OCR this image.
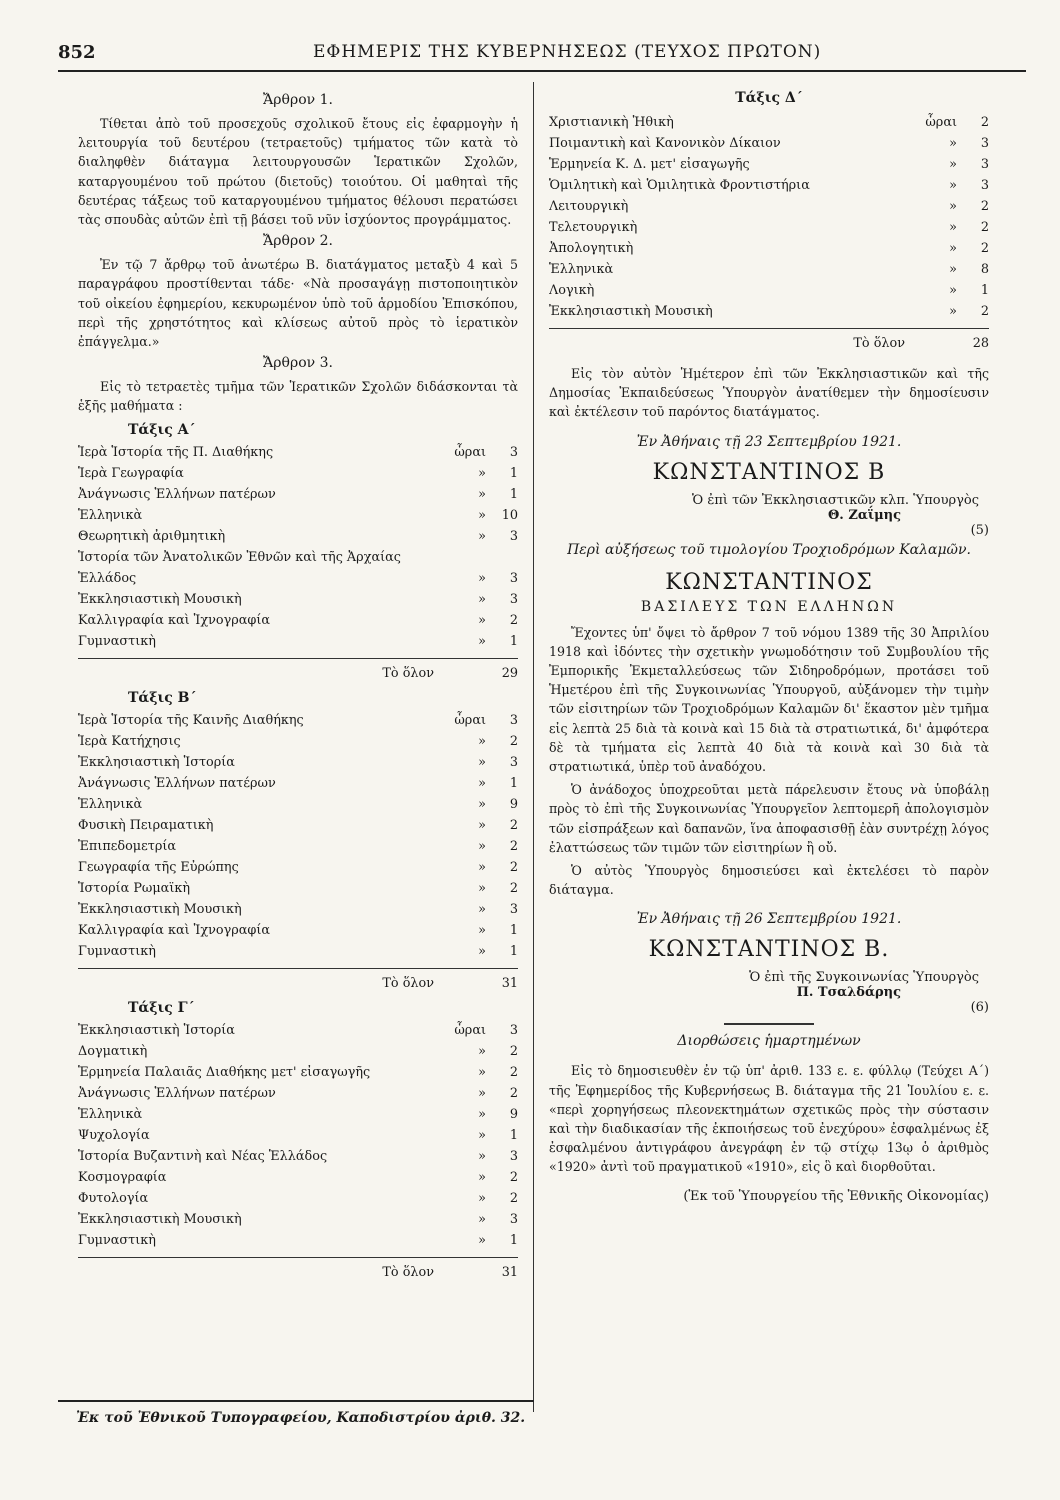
852	ΕΦΗΜΕΡΙΣ ΤΗΣ ΚΥΒΕΡΝΗΣΕΩΣ (ΤΕΥΧΟΣ ΠΡΩΤΟΝ)
Ἄρθρον 1.

Τίθεται ἀπὸ τοῦ προσεχοῦς σχολικοῦ ἔτους εἰς ἐφαρμογὴν ἡ λειτουργία τοῦ δευτέρου (τετραετοῦς) τμήματος τῶν κατὰ τὸ διαληφθὲν διάταγμα λειτουργουσῶν Ἱερατικῶν Σχολῶν, καταργουμένου τοῦ πρώτου (διετοῦς) τοιούτου. Οἱ μαθηταὶ τῆς δευτέρας τάξεως τοῦ καταργουμένου τμήματος θέλουσι περατώσει τὰς σπουδὰς αὐτῶν ἐπὶ τῇ βάσει τοῦ νῦν ἰσχύοντος προγράμματος.

Ἄρθρον 2.

Ἐν τῷ 7 ἄρθρῳ τοῦ ἀνωτέρω Β. διατάγματος μεταξὺ 4 καὶ 5 παραγράφου προστίθενται τάδε· «Νὰ προσαγάγῃ πιστοποιητικὸν τοῦ οἰκείου ἐφημερίου, κεκυρωμένον ὑπὸ τοῦ ἁρμοδίου Ἐπισκόπου, περὶ τῆς χρηστότητος καὶ κλίσεως αὐτοῦ πρὸς τὸ ἱερατικὸν ἐπάγγελμα.»

Ἄρθρον 3.

Εἰς τὸ τετραετὲς τμῆμα τῶν Ἱερατικῶν Σχολῶν διδάσκονται τὰ ἑξῆς μαθήματα :

Τάξις Α΄
Ἱερὰ Ἱστορία τῆς Π. Διαθήκης	ὧραι	3
Ἱερὰ Γεωγραφία	»	1
Ἀνάγνωσις Ἑλλήνων πατέρων	»	1
Ἑλληνικὰ	»	10
Θεωρητικὴ ἀριθμητικὴ	»	3
Ἱστορία τῶν Ἀνατολικῶν Ἐθνῶν καὶ τῆς Ἀρχαίας
Ἑλλάδος	»	3
Ἐκκλησιαστικὴ Μουσικὴ	»	3
Καλλιγραφία καὶ Ἰχνογραφία	»	2
Γυμναστικὴ	»	1
Τὸ ὅλον	29
Τάξις Β΄
Ἱερὰ Ἱστορία τῆς Καινῆς Διαθήκης	ὧραι	3
Ἱερὰ Κατήχησις	»	2
Ἐκκλησιαστικὴ Ἱστορία	»	3
Ἀνάγνωσις Ἑλλήνων πατέρων	»	1
Ἑλληνικὰ	»	9
Φυσικὴ Πειραματικὴ	»	2
Ἐπιπεδομετρία	»	2
Γεωγραφία τῆς Εὐρώπης	»	2
Ἱστορία Ρωμαϊκὴ	»	2
Ἐκκλησιαστικὴ Μουσικὴ	»	3
Καλλιγραφία καὶ Ἰχνογραφία	»	1
Γυμναστικὴ	»	1
Τὸ ὅλον	31
Τάξις Γ΄
Ἐκκλησιαστικὴ Ἱστορία	ὧραι	3
Δογματικὴ	»	2
Ἑρμηνεία Παλαιᾶς Διαθήκης μετ' εἰσαγωγῆς	»	2
Ἀνάγνωσις Ἑλλήνων πατέρων	»	2
Ἑλληνικὰ	»	9
Ψυχολογία	»	1
Ἱστορία Βυζαντινὴ καὶ Νέας Ἑλλάδος	»	3
Κοσμογραφία	»	2
Φυτολογία	»	2
Ἐκκλησιαστικὴ Μουσικὴ	»	3
Γυμναστικὴ	»	1
Τὸ ὅλον	31
Τάξις Δ΄
Χριστιανικὴ Ἠθικὴ	ὧραι	2
Ποιμαντικὴ καὶ Κανονικὸν Δίκαιον	»	3
Ἑρμηνεία Κ. Δ. μετ' εἰσαγωγῆς	»	3
Ὁμιλητικὴ καὶ Ὁμιλητικὰ Φροντιστήρια	»	3
Λειτουργικὴ	»	2
Τελετουργικὴ	»	2
Ἀπολογητικὴ	»	2
Ἑλληνικὰ	»	8
Λογικὴ	»	1
Ἐκκλησιαστικὴ Μουσικὴ	»	2
Τὸ ὅλον	28

Εἰς τὸν αὐτὸν Ἡμέτερον ἐπὶ τῶν Ἐκκλησιαστικῶν καὶ τῆς Δημοσίας Ἐκπαιδεύσεως Ὑπουργὸν ἀνατίθεμεν τὴν δημοσίευσιν καὶ ἐκτέλεσιν τοῦ παρόντος διατάγματος.

Ἐν Ἀθήναις τῇ 23 Σεπτεμβρίου 1921.
ΚΩΝΣΤΑΝΤΙΝΟΣ Β
Ὁ ἐπὶ τῶν Ἐκκλησιαστικῶν κλπ. Ὑπουργὸς
Θ. Ζαΐμης
(5)
Περὶ αὐξήσεως τοῦ τιμολογίου Τροχιοδρόμων Καλαμῶν.
ΚΩΝΣΤΑΝΤΙΝΟΣ
ΒΑΣΙΛΕΥΣ ΤΩΝ ΕΛΛΗΝΩΝ

Ἔχοντες ὑπ' ὄψει τὸ ἄρθρον 7 τοῦ νόμου 1389 τῆς 30 Ἀπριλίου 1918 καὶ ἰδόντες τὴν σχετικὴν γνωμοδότησιν τοῦ Συμβουλίου τῆς Ἐμπορικῆς Ἐκμεταλλεύσεως τῶν Σιδηροδρόμων, προτάσει τοῦ Ἡμετέρου ἐπὶ τῆς Συγκοινωνίας Ὑπουργοῦ, αὐξάνομεν τὴν τιμὴν τῶν εἰσιτηρίων τῶν Τροχιοδρόμων Καλαμῶν δι' ἕκαστον μὲν τμῆμα εἰς λεπτὰ 25 διὰ τὰ κοινὰ καὶ 15 διὰ τὰ στρατιωτικά, δι' ἀμφότερα δὲ τὰ τμήματα εἰς λεπτὰ 40 διὰ τὰ κοινὰ καὶ 30 διὰ τὰ στρατιωτικά, ὑπὲρ τοῦ ἀναδόχου.

Ὁ ἀνάδοχος ὑποχρεοῦται μετὰ πάρελευσιν ἔτους νὰ ὑποβάλῃ πρὸς τὸ ἐπὶ τῆς Συγκοινωνίας Ὑπουργεῖον λεπτομερῆ ἀπολογισμὸν τῶν εἰσπράξεων καὶ δαπανῶν, ἵνα ἀποφασισθῇ ἐὰν συντρέχῃ λόγος ἐλαττώσεως τῶν τιμῶν τῶν εἰσιτηρίων ἢ οὔ.

Ὁ αὐτὸς Ὑπουργὸς δημοσιεύσει καὶ ἐκτελέσει τὸ παρὸν διάταγμα.

Ἐν Ἀθήναις τῇ 26 Σεπτεμβρίου 1921.
ΚΩΝΣΤΑΝΤΙΝΟΣ Β.
Ὁ ἐπὶ τῆς Συγκοινωνίας Ὑπουργὸς
Π. Τσαλδάρης
(6)
Διορθώσεις ἡμαρτημένων

Εἰς τὸ δημοσιευθὲν ἐν τῷ ὑπ' ἀριθ. 133 ε. ε. φύλλῳ (Τεύχει Α΄) τῆς Ἐφημερίδος τῆς Κυβερνήσεως Β. διάταγμα τῆς 21 Ἰουλίου ε. ε. «περὶ χορηγήσεως πλεονεκτημάτων σχετικῶς πρὸς τὴν σύστασιν καὶ τὴν διαδικασίαν τῆς ἐκποιήσεως τοῦ ἐνεχύρου» ἐσφαλμένως ἐξ ἐσφαλμένου ἀντιγράφου ἀνεγράφη ἐν τῷ στίχῳ 13ῳ ὁ ἀριθμὸς «1920» ἀντὶ τοῦ πραγματικοῦ «1910», εἰς ὃ καὶ διορθοῦται.

(Ἐκ τοῦ Ὑπουργείου τῆς Ἐθνικῆς Οἰκονομίας)
Ἐκ τοῦ Ἐθνικοῦ Τυπογραφείου, Καποδιστρίου ἀριθ. 32.
